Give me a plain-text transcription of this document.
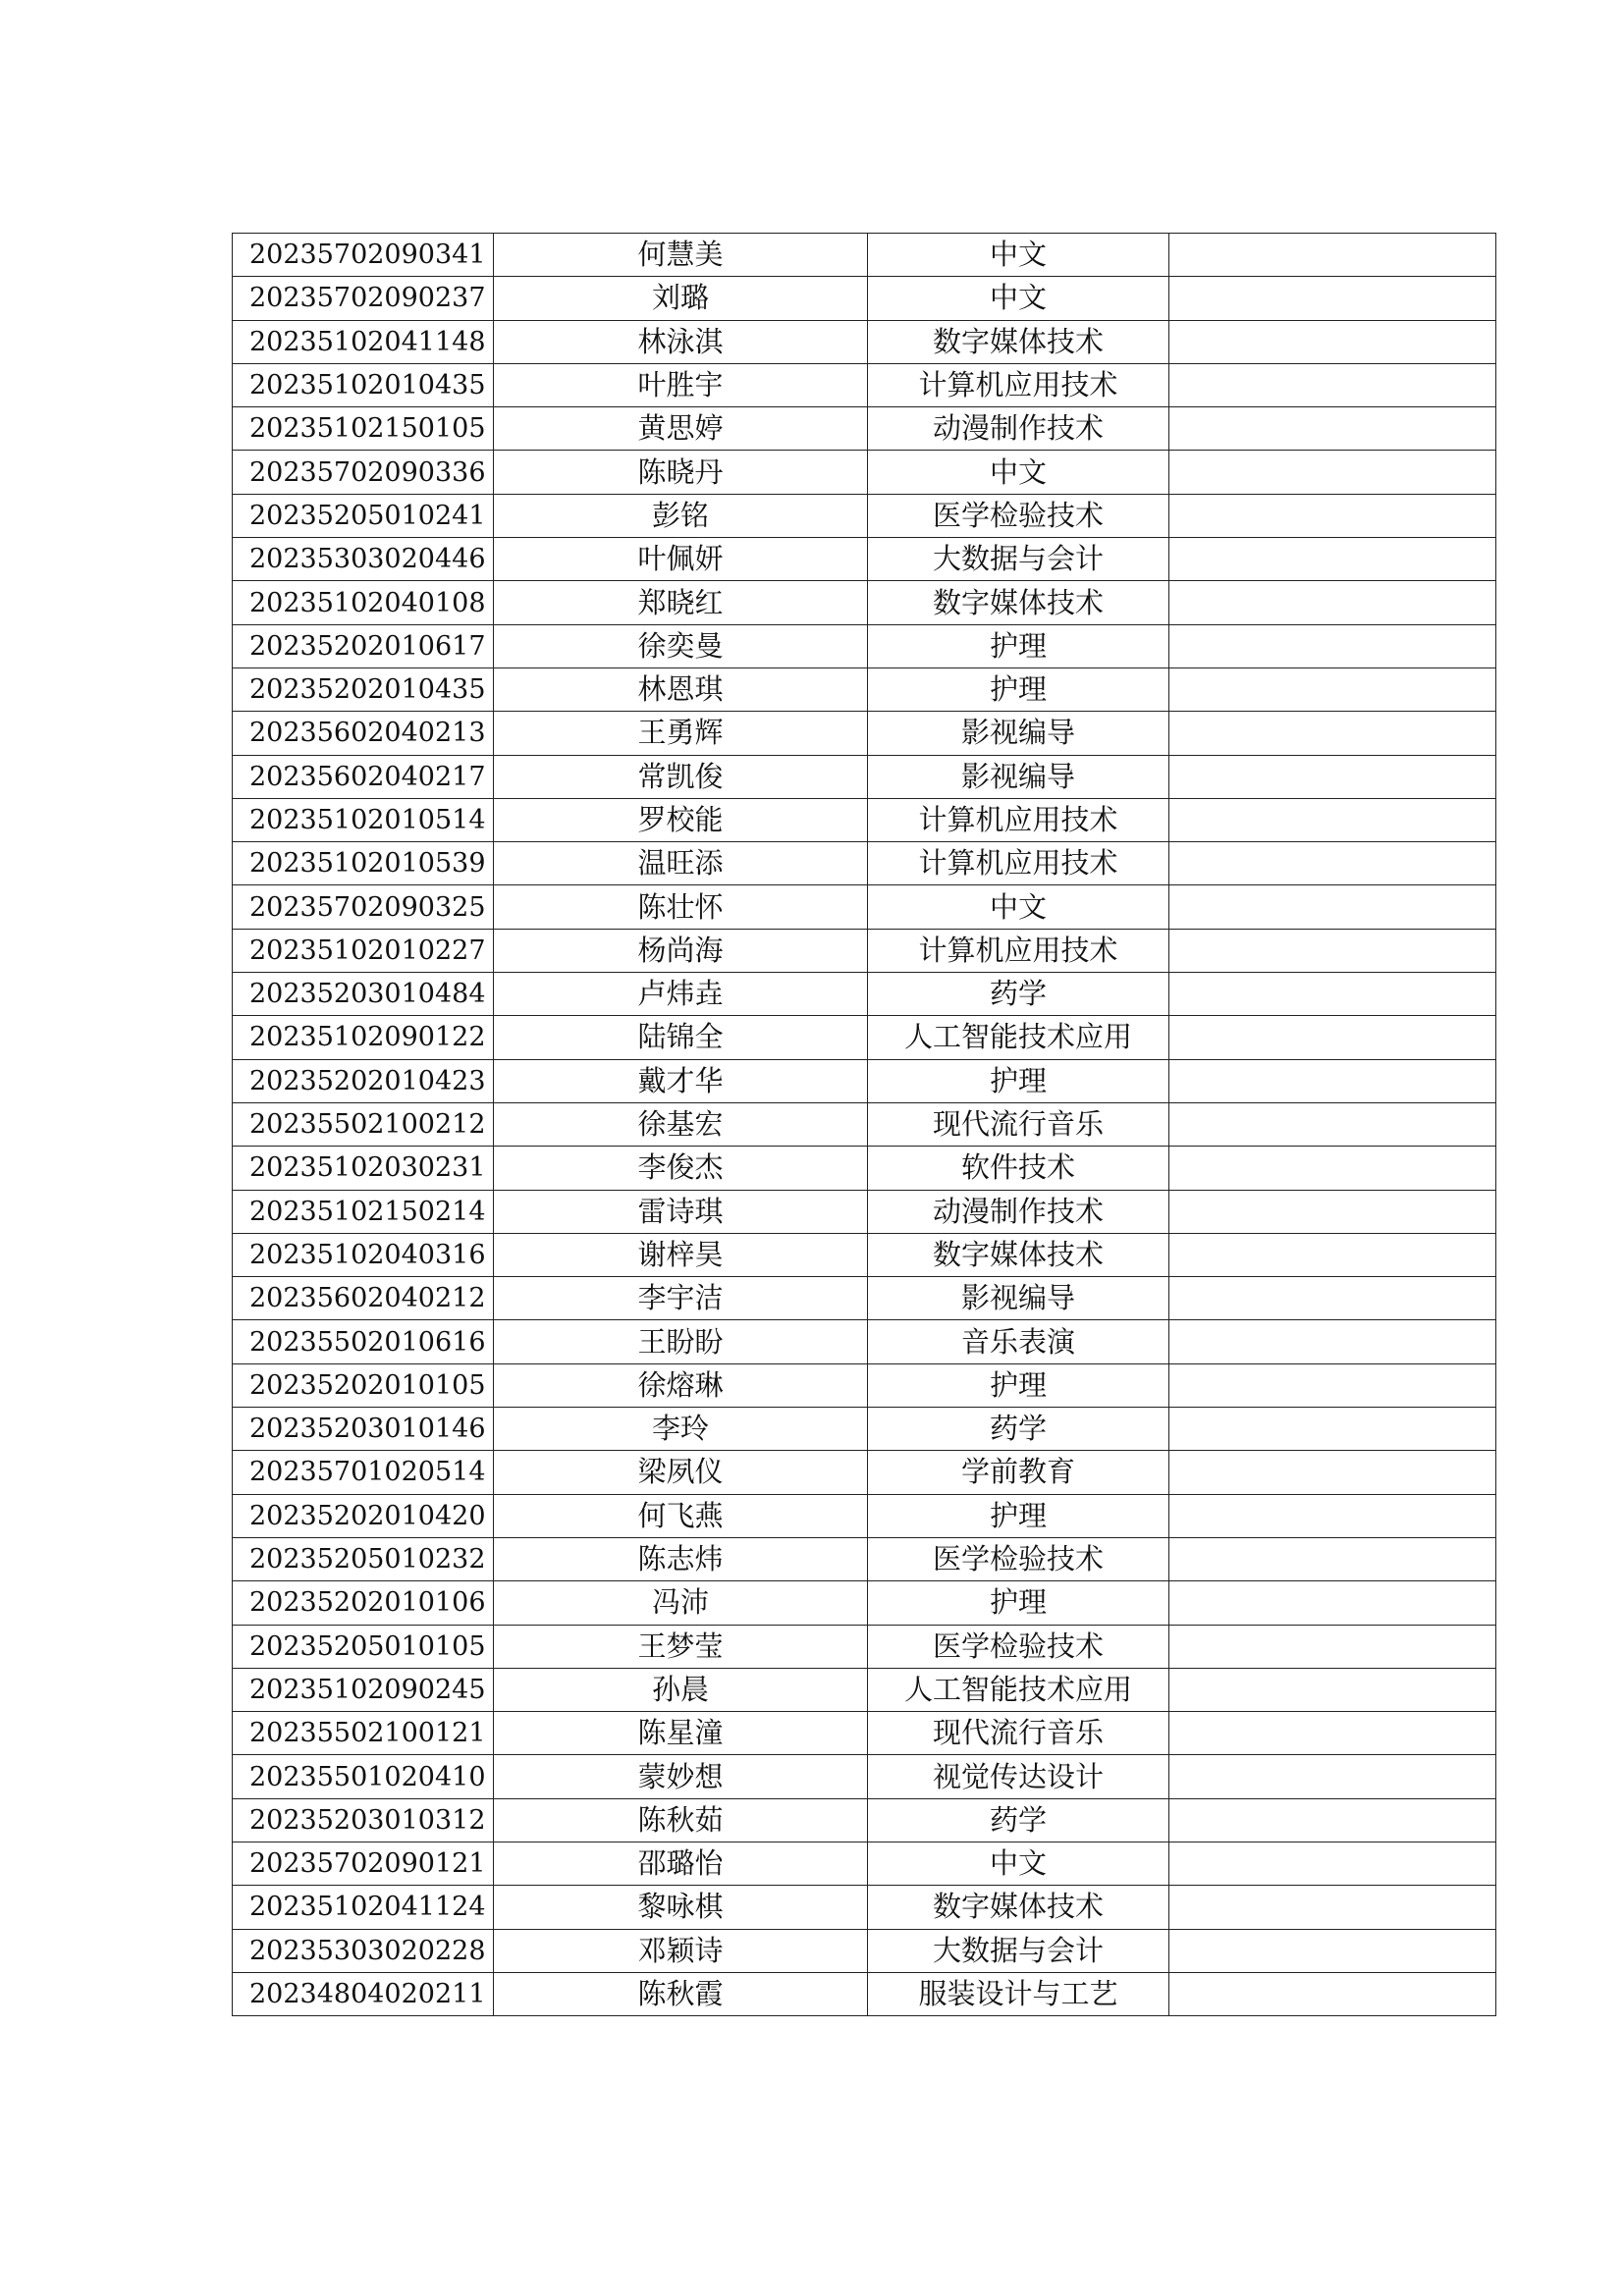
20235702090341	何慧美	中文	
20235702090237	刘璐	中文	
20235102041148	林泳淇	数字媒体技术	
20235102010435	叶胜宇	计算机应用技术	
20235102150105	黄思婷	动漫制作技术	
20235702090336	陈晓丹	中文	
20235205010241	彭铭	医学检验技术	
20235303020446	叶佩妍	大数据与会计	
20235102040108	郑晓红	数字媒体技术	
20235202010617	徐奕曼	护理	
20235202010435	林恩琪	护理	
20235602040213	王勇辉	影视编导	
20235602040217	常凯俊	影视编导	
20235102010514	罗校能	计算机应用技术	
20235102010539	温旺添	计算机应用技术	
20235702090325	陈壮怀	中文	
20235102010227	杨尚海	计算机应用技术	
20235203010484	卢炜垚	药学	
20235102090122	陆锦全	人工智能技术应用	
20235202010423	戴才华	护理	
20235502100212	徐基宏	现代流行音乐	
20235102030231	李俊杰	软件技术	
20235102150214	雷诗琪	动漫制作技术	
20235102040316	谢梓昊	数字媒体技术	
20235602040212	李宇洁	影视编导	
20235502010616	王盼盼	音乐表演	
20235202010105	徐熔琳	护理	
20235203010146	李玲	药学	
20235701020514	梁夙仪	学前教育	
20235202010420	何飞燕	护理	
20235205010232	陈志炜	医学检验技术	
20235202010106	冯沛	护理	
20235205010105	王梦莹	医学检验技术	
20235102090245	孙晨	人工智能技术应用	
20235502100121	陈星潼	现代流行音乐	
20235501020410	蒙妙想	视觉传达设计	
20235203010312	陈秋茹	药学	
20235702090121	邵璐怡	中文	
20235102041124	黎咏棋	数字媒体技术	
20235303020228	邓颖诗	大数据与会计	
20234804020211	陈秋霞	服装设计与工艺	
